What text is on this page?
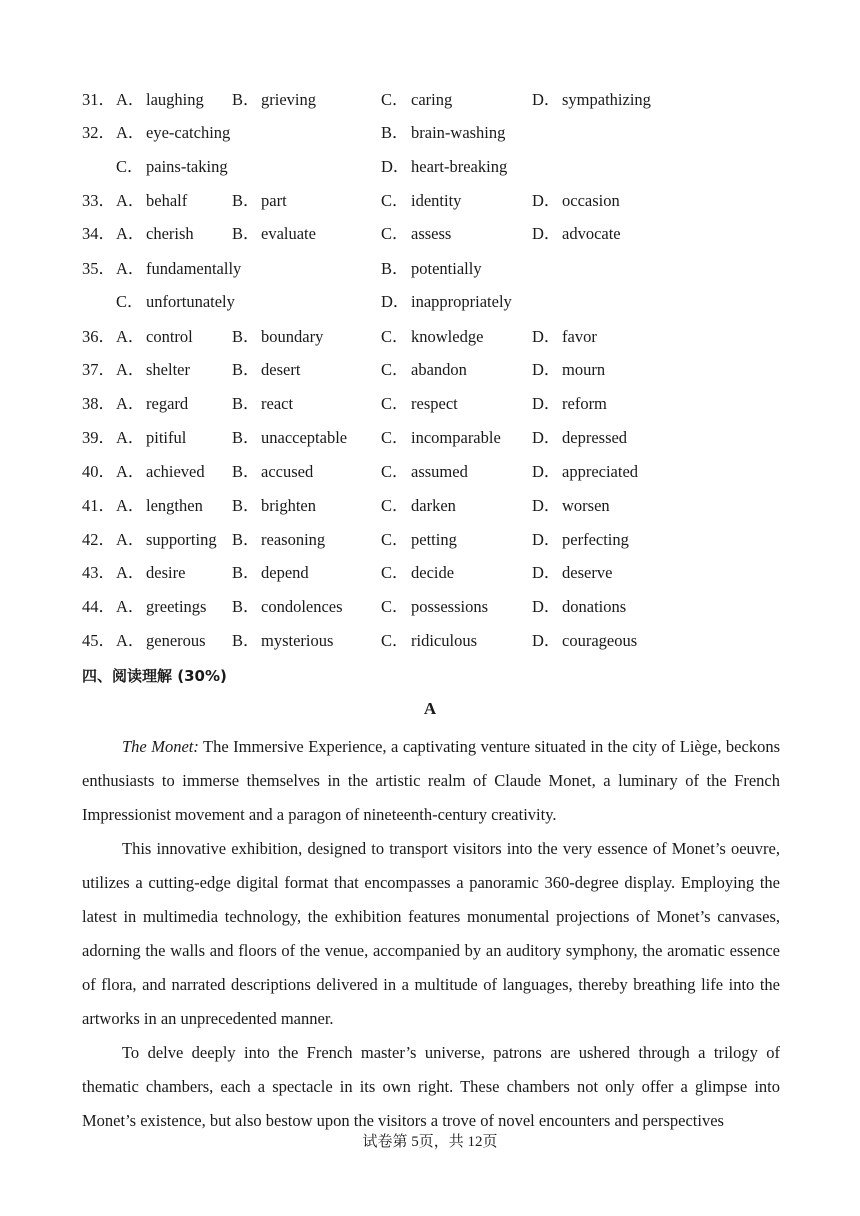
31． A． laughing B． grieving	C． caring	D． sympathizing
32． A． eye-catching	B． brain-washing
C． pains-taking	D． heart-breaking
33． A． behalf	B． part	C． identity	D． occasion
34． A． cherish B． evaluate	C． assess	D． advocate
35． A． fundamentally	B． potentially
C． unfortunately	D． inappropriately
36． A． control B． boundary	C． knowledge	D． favor
37． A． shelter	B． desert	C． abandon	D． mourn
38． A． regard	B． react	C． respect	D． reform
39． A． pitiful	B． unacceptable C． incomparable D． depressed
40． A． achieved B． accused	C． assumed	D． appreciated
41． A． lengthen B． brighten	C． darken	D． worsen
42． A． supporting B． reasoning	C． petting	D． perfecting
43． A． desire	B． depend	C． decide	D． deserve
44． A． greetings B． condolences C． possessions	D． donations
45． A． generous B． mysterious	C． ridiculous	D． courageous
四、阅读理解 (30%)
A

The Monet: The Immersive Experience, a captivating venture situated in the city of Liège, beckons enthusiasts to immerse themselves in the artistic realm of Claude Monet, a luminary of the French Impressionist movement and a paragon of nineteenth-century creativity.

This innovative exhibition, designed to transport visitors into the very essence of Monet’s oeuvre, utilizes a cutting-edge digital format that encompasses a panoramic 360-degree display. Employing the latest in multimedia technology, the exhibition features monumental projections of Monet’s canvases, adorning the walls and floors of the venue, accompanied by an auditory symphony, the aromatic essence of flora, and narrated descriptions delivered in a multitude of languages, thereby breathing life into the artworks in an unprecedented manner.

To delve deeply into the French master’s universe, patrons are ushered through a trilogy of thematic chambers, each a spectacle in its own right. These chambers not only offer a glimpse into Monet’s existence, but also bestow upon the visitors a trove of novel encounters and perspectives

试卷第 5页，共 12页
